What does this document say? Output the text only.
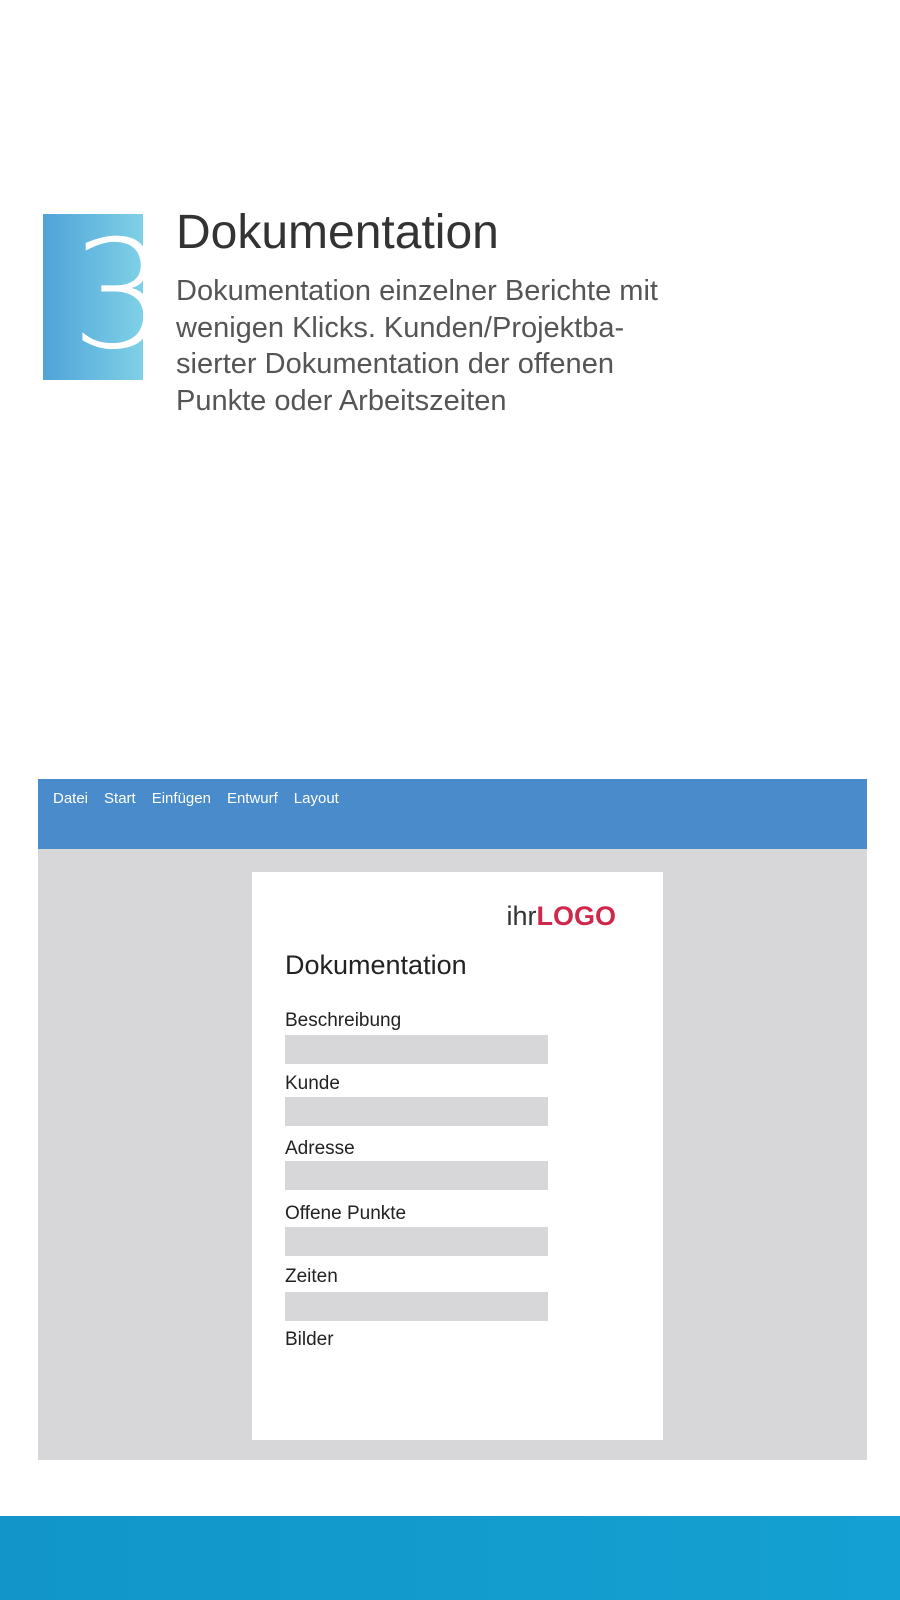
3 Dokumentation

Dokumentation einzelner Berichte mit wenigen Klicks. Kunden/Projektba-sierter Dokumentation der offenen Punkte oder Arbeitszeiten

Datei Start Einfügen Entwurf Layout
ihrLOGO
Dokumentation
Beschreibung
Kunde
Adresse
Offene Punkte
Zeiten
Bilder
